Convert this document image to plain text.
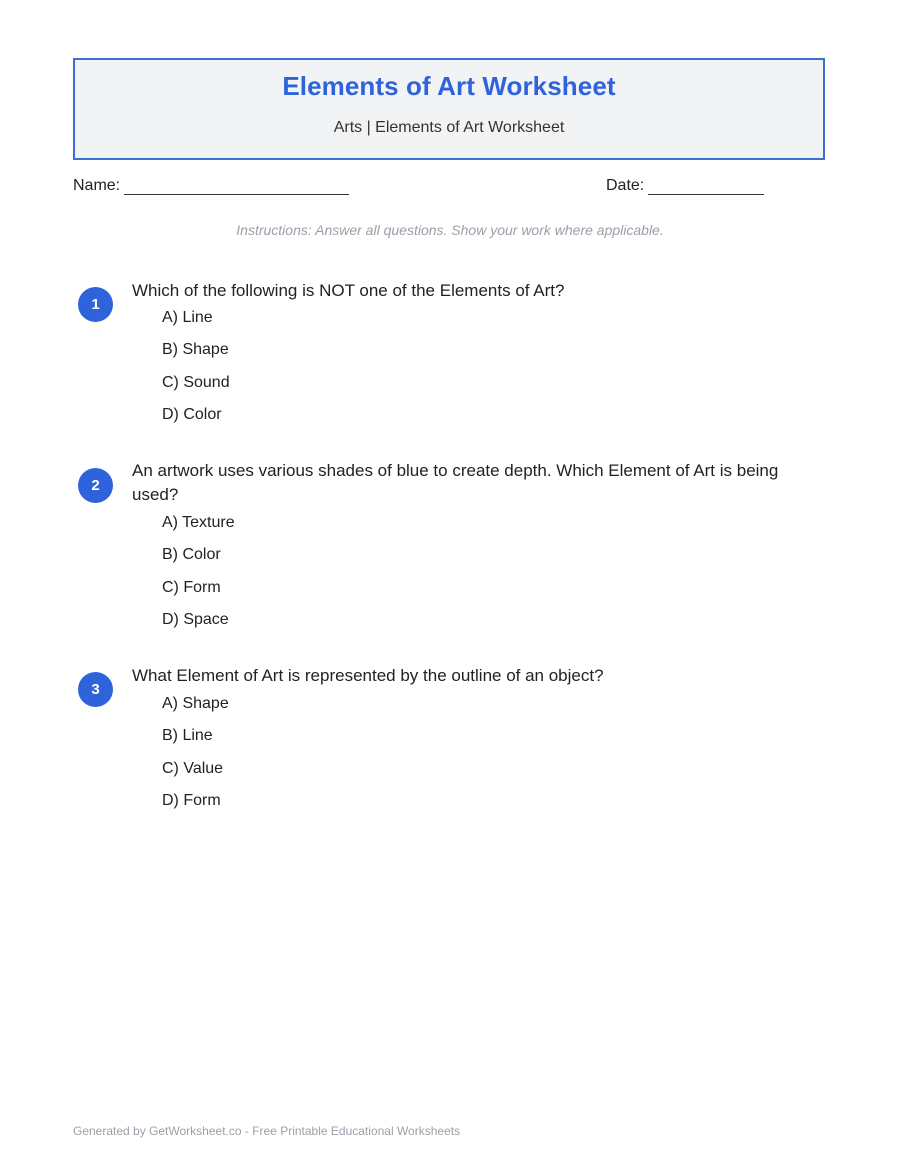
Elements of Art Worksheet
Arts | Elements of Art Worksheet
Name:	Date:
Instructions: Answer all questions. Show your work where applicable.
1
Which of the following is NOT one of the Elements of Art?
A) Line
B) Shape
C) Sound
D) Color
2
An artwork uses various shades of blue to create depth. Which Element of Art is being used?
A) Texture
B) Color
C) Form
D) Space
3
What Element of Art is represented by the outline of an object?
A) Shape
B) Line
C) Value
D) Form
Generated by GetWorksheet.co - Free Printable Educational Worksheets
